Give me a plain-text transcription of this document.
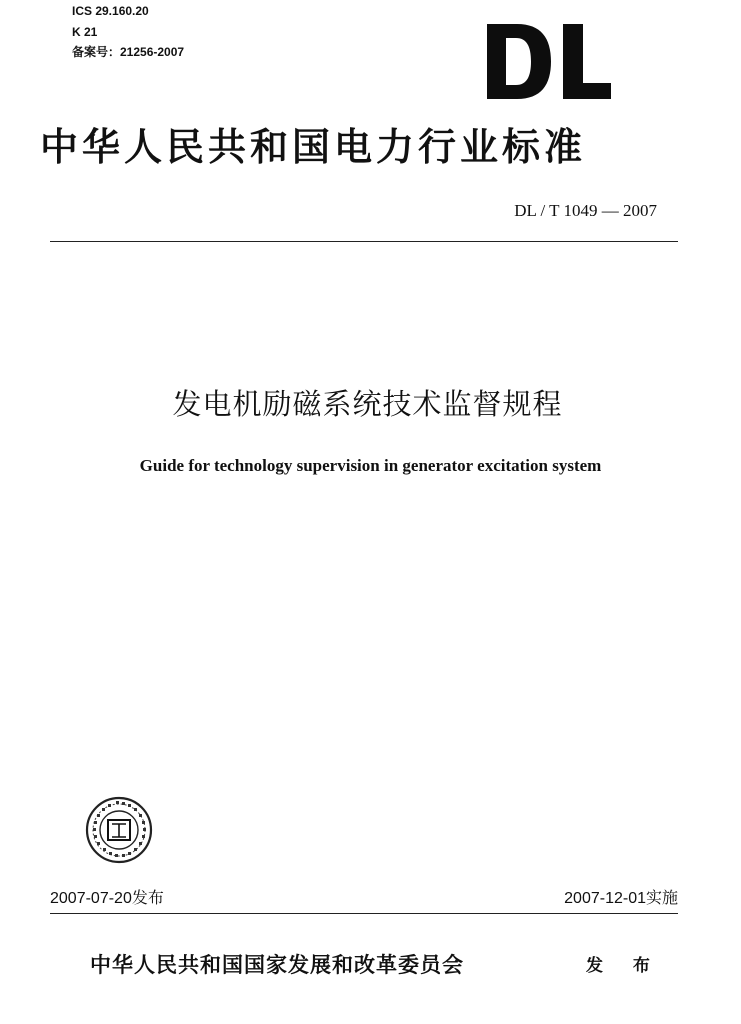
ICS 29.160.20
K 21
备案号：21256-2007
中华人民共和国电力行业标准
DL / T 1049 — 2007
发电机励磁系统技术监督规程
Guide for technology supervision in generator excitation system
2007-07-20发布	2007-12-01实施
中华人民共和国国家发展和改革委员会	发 布
